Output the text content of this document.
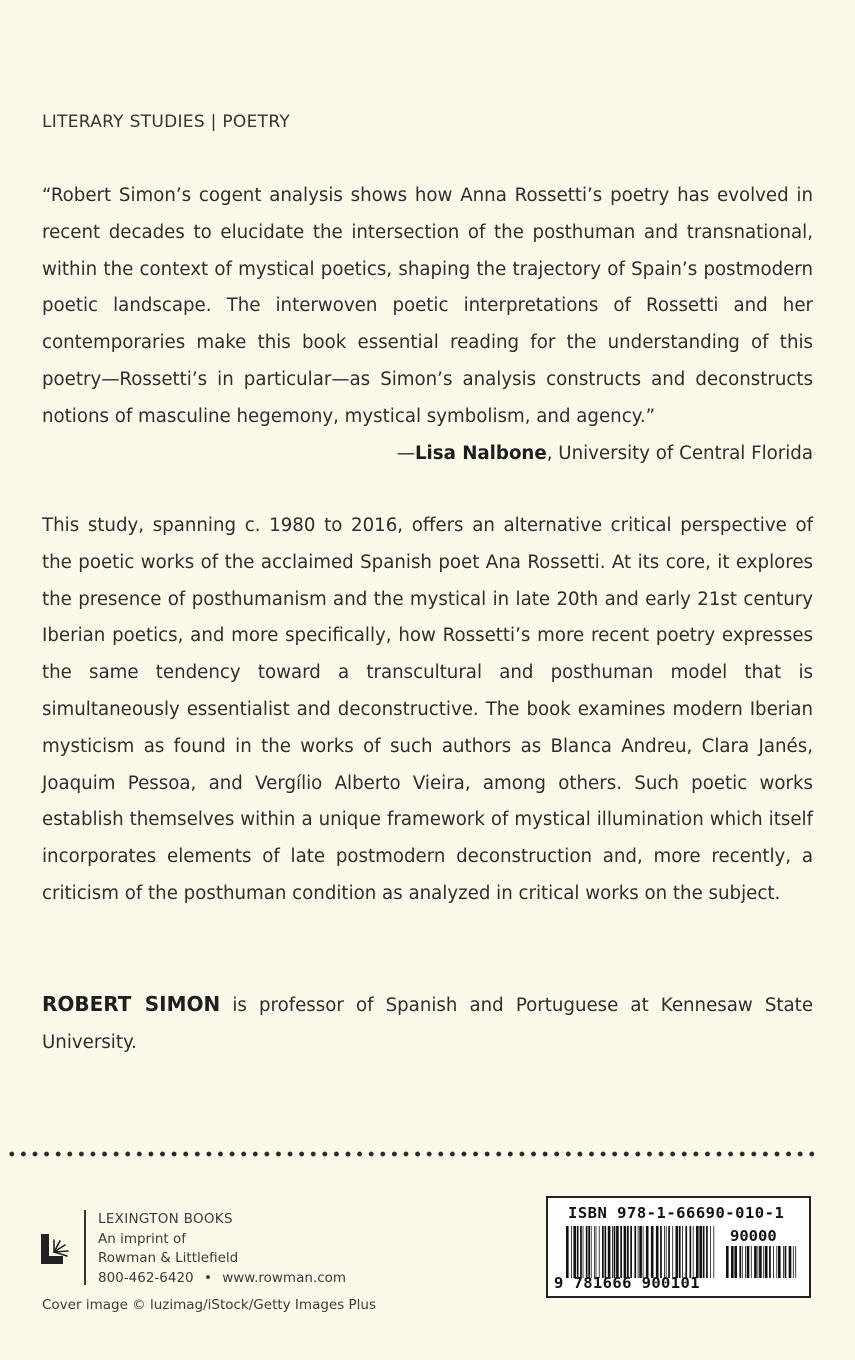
LITERARY STUDIES | POETRY

“Robert Simon’s cogent analysis shows how Anna Rossetti’s poetry has evolved in recent decades to elucidate the intersection of the posthuman and transnational, within the context of mystical poetics, shaping the trajectory of Spain’s postmodern poetic landscape. The interwoven poetic interpretations of Rossetti and her contemporaries make this book essential reading for the understanding of this poetry—Rossetti’s in particular—as Simon’s analysis constructs and deconstructs notions of masculine hegemony, mystical symbolism, and agency.”
—Lisa Nalbone, University of Central Florida

This study, spanning c. 1980 to 2016, offers an alternative critical perspective of the poetic works of the acclaimed Spanish poet Ana Rossetti. At its core, it explores the presence of posthumanism and the mystical in late 20th and early 21st century Iberian poetics, and more specifically, how Rossetti’s more recent poetry expresses the same tendency toward a transcultural and posthuman model that is simultaneously essentialist and deconstructive. The book examines modern Iberian mysticism as found in the works of such authors as Blanca Andreu, Clara Janés, Joaquim Pessoa, and Vergílio Alberto Vieira, among others. Such poetic works establish themselves within a unique framework of mystical illumination which itself incorporates elements of late postmodern deconstruction and, more recently, a criticism of the posthuman condition as analyzed in critical works on the subject.

ROBERT SIMON is professor of Spanish and Portuguese at Kennesaw State University.

LEXINGTON BOOKS
An imprint of
Rowman & Littlefield
800-462-6420 • www.rowman.com
Cover image © luzimag/iStock/Getty Images Plus
ISBN 978-1-66690-010-1
90000
9 781666 900101
